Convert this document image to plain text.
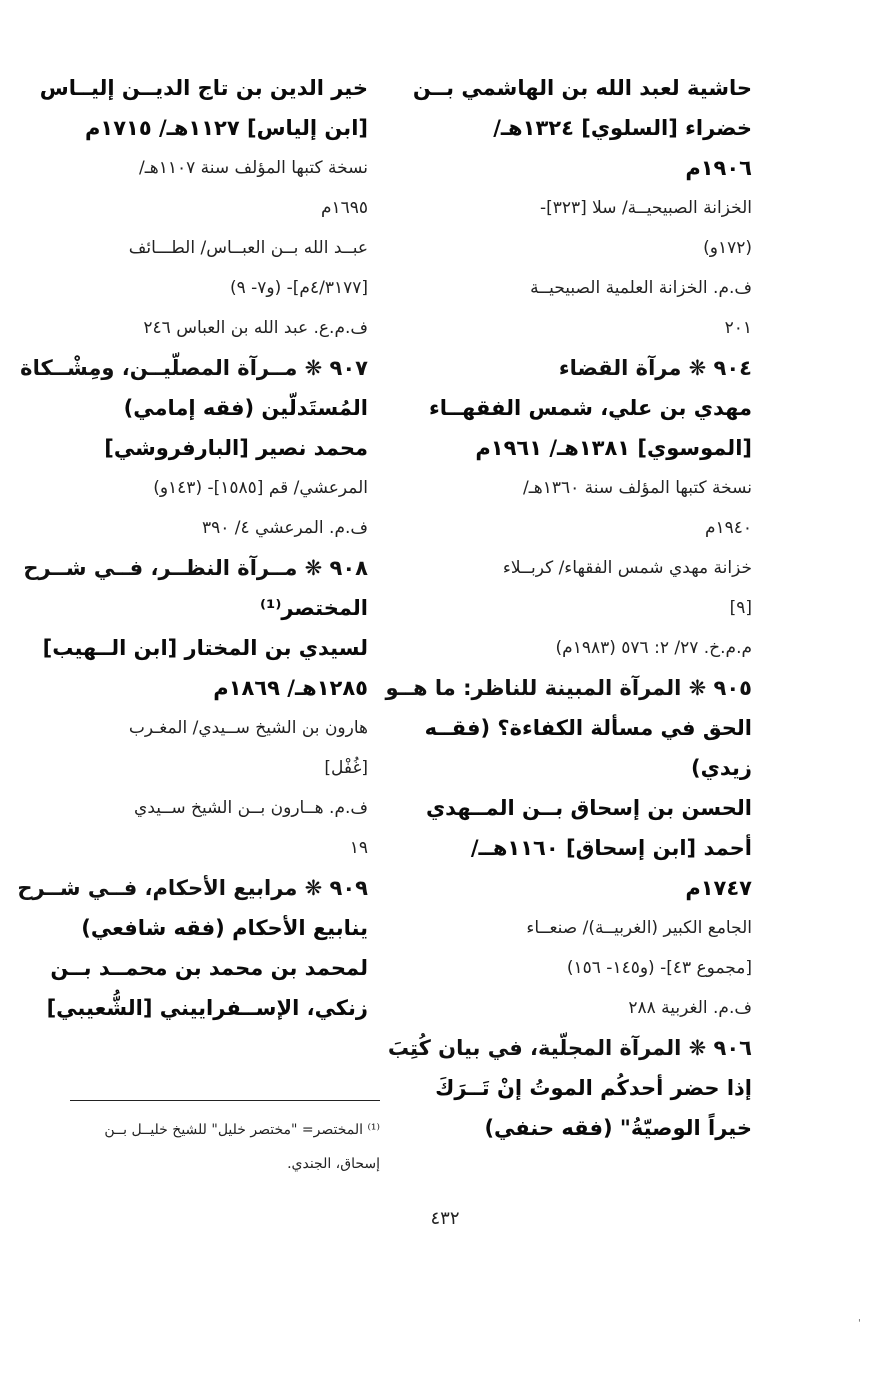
حاشية لعبد الله بن الهاشمي بــن
خضراء [السلوي] ١٣٢٤هـ/
١٩٠٦م
الخزانة الصبيحيــة/ سلا [٣٢٣]-
(١٧٢و)
ف.م. الخزانة العلمية الصبيحيــة
٢٠١
٩٠٤ ❋ مرآة القضاء
مهدي بن علي، شمس الفقهــاء
[الموسوي] ١٣٨١هـ/ ١٩٦١م
نسخة كتبها المؤلف سنة ١٣٦٠هـ/
١٩٤٠م
خزانة مهدي شمس الفقهاء/ كربــلاء
[٩]
م.م.خ. ٢٧/ ٢: ٥٧٦ (١٩٨٣م)
٩٠٥ ❋ المرآة المبينة للناظر: ما هــو
الحق في مسألة الكفاءة؟ (فقــه
زيدي)
الحسن بن إسحاق بــن المــهدي
أحمد [ابن إسحاق] ١١٦٠هــ/
١٧٤٧م
الجامع الكبير (الغربيــة)/ صنعــاء
[مجموع ٤٣]- (و١٤٥- ١٥٦)
ف.م. الغربية ٢٨٨
٩٠٦ ❋ المرآة المجلّية، في بيان كُتِبَ
إذا حضر أحدكُم الموتُ إنْ تَــرَكَ
خيراً الوصيّةُ" (فقه حنفي)
خير الدين بن تاج الديــن إليــاس
[ابن إلياس] ١١٢٧هـ/ ١٧١٥م
نسخة كتبها المؤلف سنة ١١٠٧هـ/
١٦٩٥م
عبــد الله بــن العبــاس/ الطـــائف
[٤/٣١٧٧م]- (و٧- ٩)
ف.م.ع. عبد الله بن العباس ٢٤٦
٩٠٧ ❋ مــرآة المصلّيــن، ومِشْــكاة
المُستَدلّين (فقه إمامي)
محمد نصير [البارفروشي]
المرعشي/ قم [١٥٨٥]- (١٤٣و)
ف.م. المرعشي ٤/ ٣٩٠
٩٠٨ ❋ مــرآة النظــر، فــي شــرح
المختصر⁽¹⁾
لسيدي بن المختار [ابن الــهيب]
١٢٨٥هـ/ ١٨٦٩م
هارون بن الشيخ ســيدي/ المغـرب
[غُفْل]
ف.م. هــارون بــن الشيخ ســيدي
١٩
٩٠٩ ❋ مرابيع الأحكام، فــي شــرح
ينابيع الأحكام (فقه شافعي)
لمحمد بن محمد بن محمــد بــن
زنكي، الإســفراييني [الشُّعيبي]
⁽¹⁾ المختصر= "مختصر خليل" للشيخ خليــل بــن
إسحاق، الجندي.
٤٣٢
'
